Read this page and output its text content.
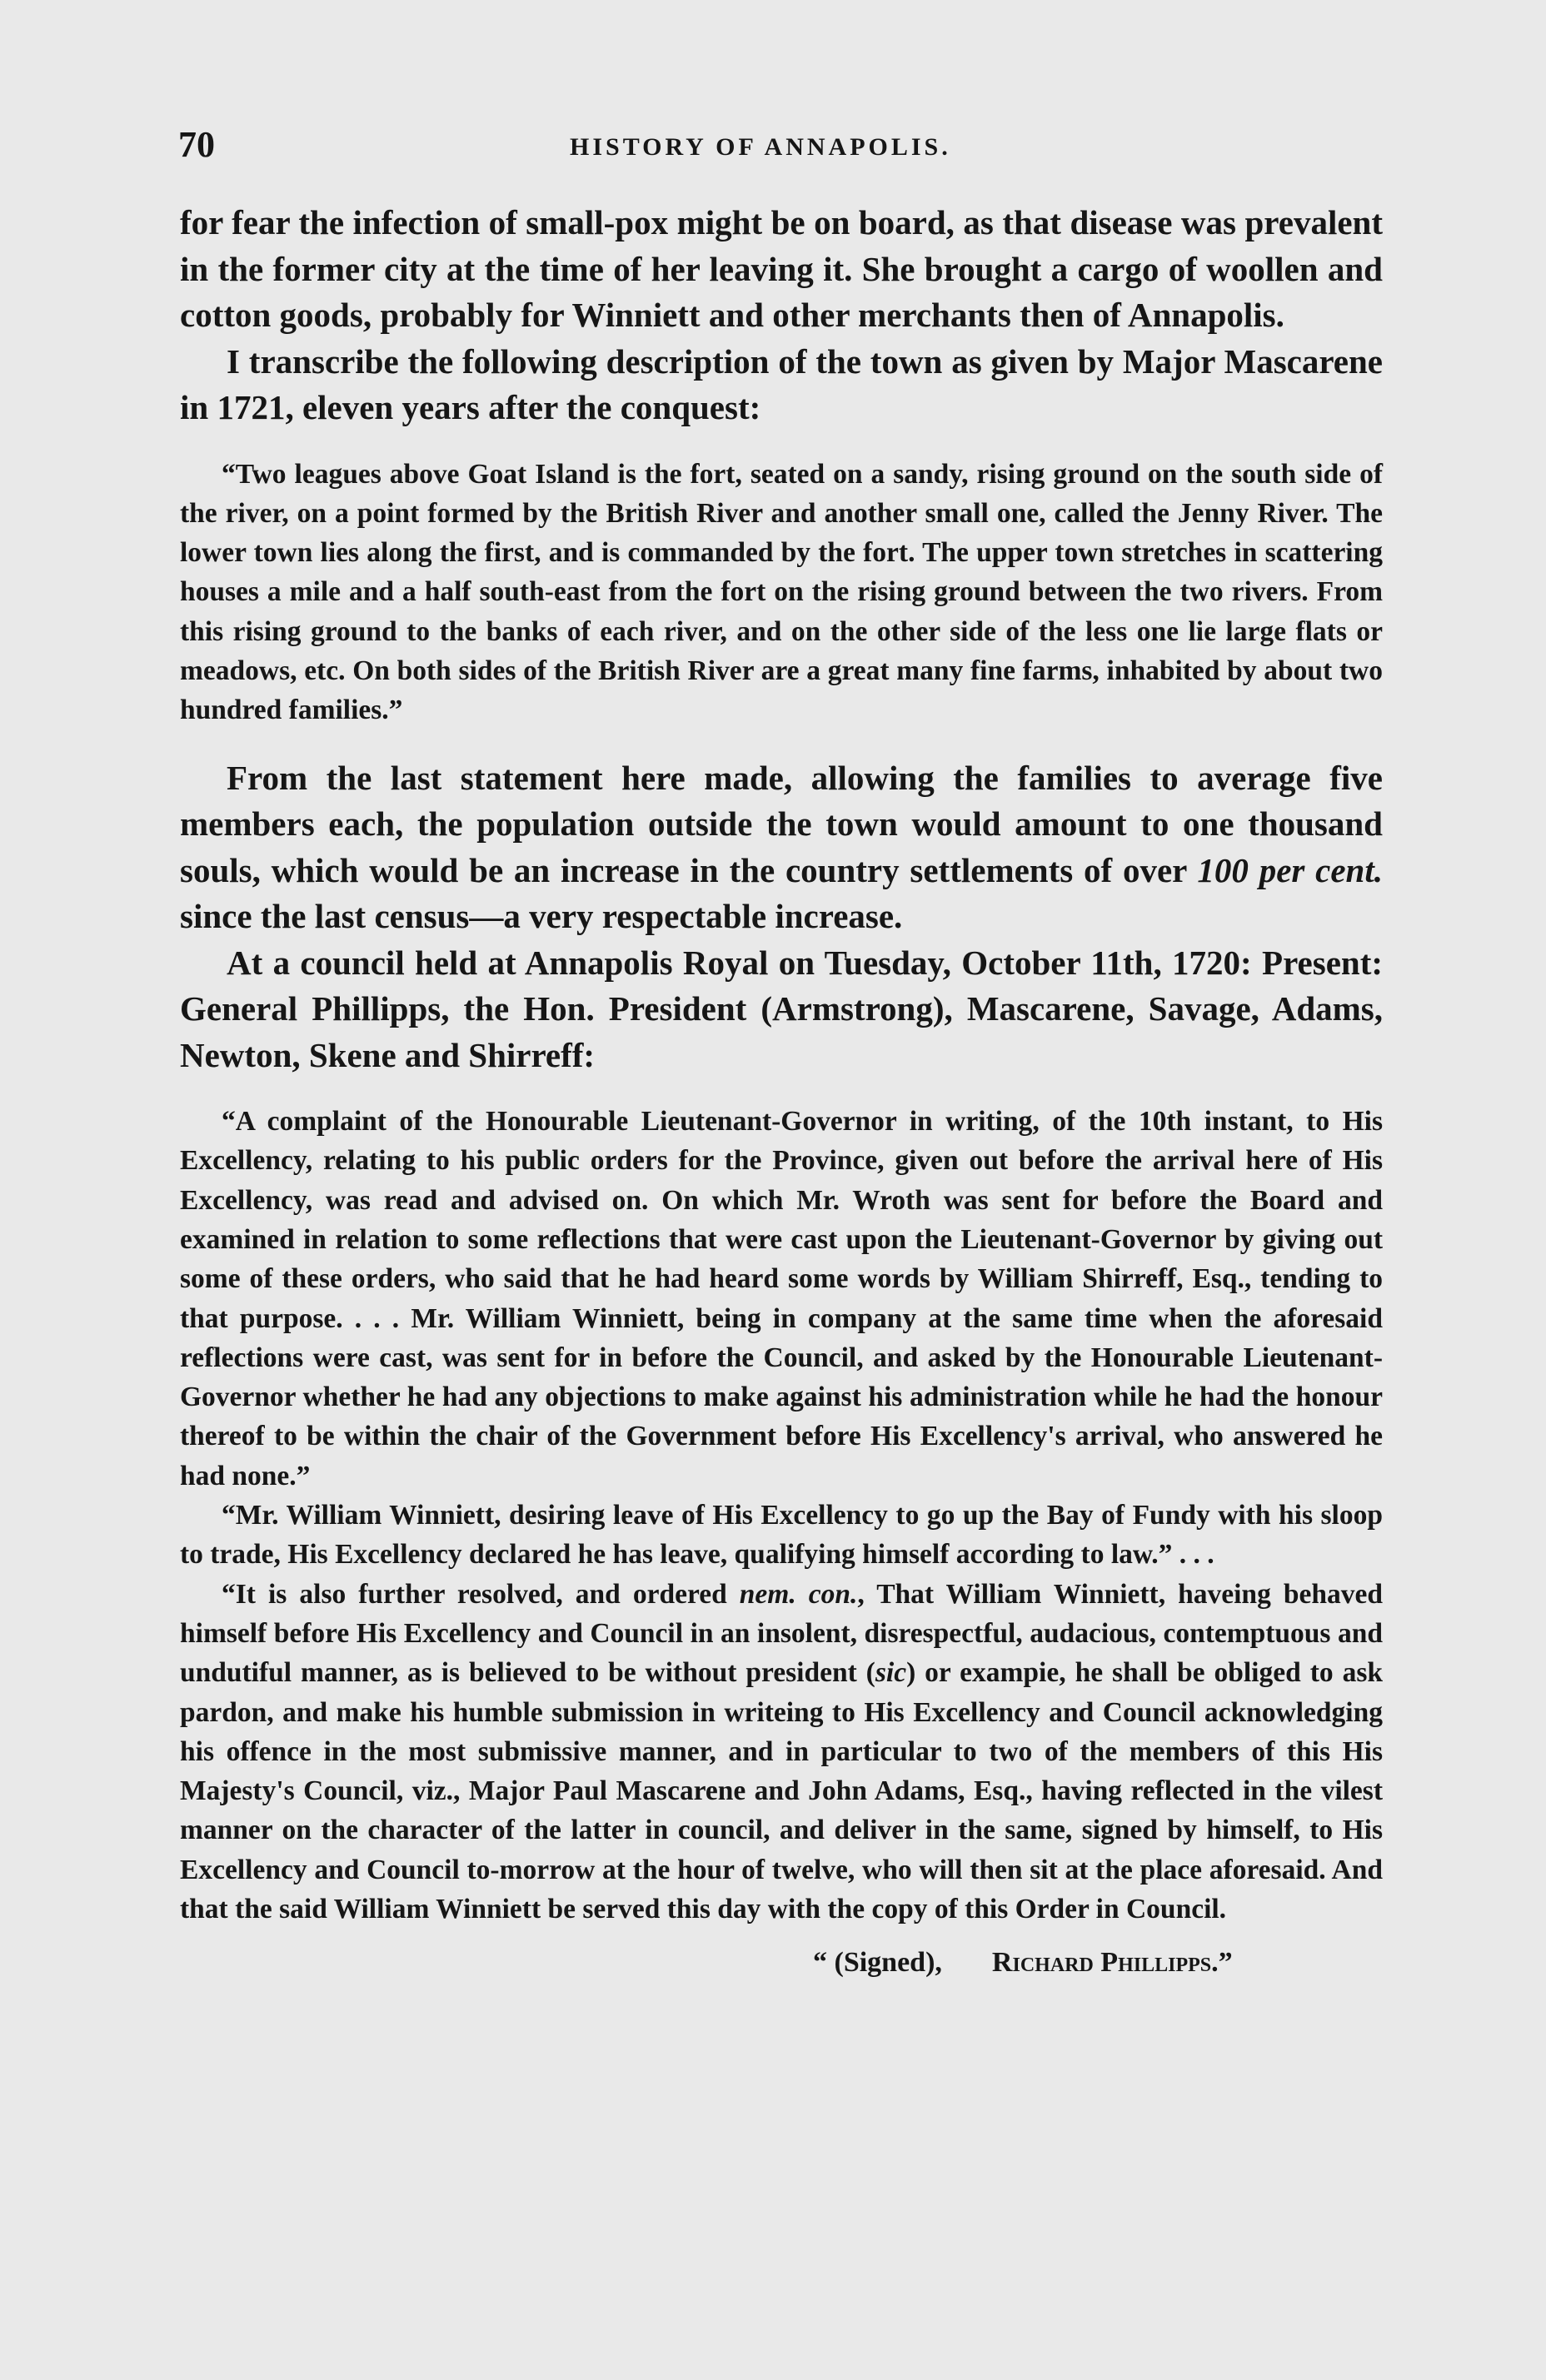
70	HISTORY OF ANNAPOLIS.

for fear the infection of small-pox might be on board, as that disease was prevalent in the former city at the time of her leaving it. She brought a cargo of woollen and cotton goods, probably for Winniett and other merchants then of Annapolis.

I transcribe the following description of the town as given by Major Mascarene in 1721, eleven years after the conquest:

“Two leagues above Goat Island is the fort, seated on a sandy, rising ground on the south side of the river, on a point formed by the British River and another small one, called the Jenny River. The lower town lies along the first, and is commanded by the fort. The upper town stretches in scattering houses a mile and a half south-east from the fort on the rising ground between the two rivers. From this rising ground to the banks of each river, and on the other side of the less one lie large flats or meadows, etc. On both sides of the British River are a great many fine farms, inhabited by about two hundred families.”

From the last statement here made, allowing the families to average five members each, the population outside the town would amount to one thousand souls, which would be an increase in the country settlements of over 100 per cent. since the last census—a very respectable increase.

At a council held at Annapolis Royal on Tuesday, October 11th, 1720: Present: General Phillipps, the Hon. President (Armstrong), Mascarene, Savage, Adams, Newton, Skene and Shirreff:

“A complaint of the Honourable Lieutenant-Governor in writing, of the 10th instant, to His Excellency, relating to his public orders for the Province, given out before the arrival here of His Excellency, was read and advised on. On which Mr. Wroth was sent for before the Board and examined in relation to some reflections that were cast upon the Lieutenant-Governor by giving out some of these orders, who said that he had heard some words by William Shirreff, Esq., tending to that purpose. . . . Mr. William Winniett, being in company at the same time when the aforesaid reflections were cast, was sent for in before the Council, and asked by the Honourable Lieutenant-Governor whether he had any objections to make against his administration while he had the honour thereof to be within the chair of the Government before His Excellency's arrival, who answered he had none.”

“Mr. William Winniett, desiring leave of His Excellency to go up the Bay of Fundy with his sloop to trade, His Excellency declared he has leave, qualifying himself according to law.” . . .

“It is also further resolved, and ordered nem. con., That William Winniett, haveing behaved himself before His Excellency and Council in an insolent, disrespectful, audacious, contemptuous and undutiful manner, as is believed to be without president (sic) or exampie, he shall be obliged to ask pardon, and make his humble submission in writeing to His Excellency and Council acknowledging his offence in the most submissive manner, and in particular to two of the members of this His Majesty's Council, viz., Major Paul Mascarene and John Adams, Esq., having reflected in the vilest manner on the character of the latter in council, and deliver in the same, signed by himself, to His Excellency and Council to-morrow at the hour of twelve, who will then sit at the place aforesaid. And that the said William Winniett be served this day with the copy of this Order in Council.

“ (Signed), Richard Phillipps.”
